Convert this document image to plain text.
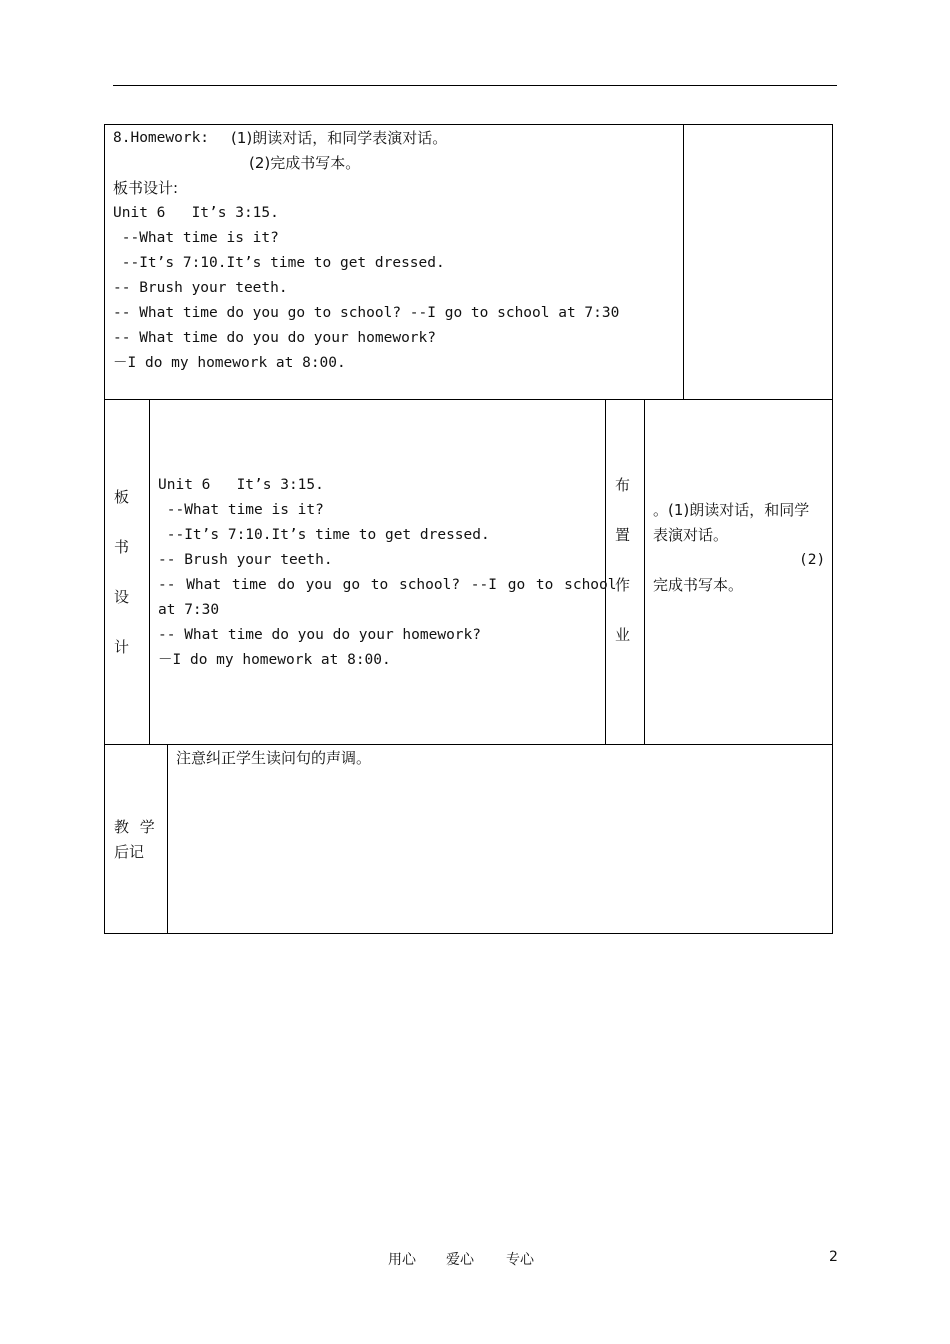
8.Homework: (1)朗读对话，和同学表演对话。
(2)完成书写本。
板书设计:
Unit 6   It’s 3:15.
--What time is it?
--It’s 7:10.It’s time to get dressed.
-- Brush your teeth.
-- What time do you go to school? --I go to school at 7:30
-- What time do you do your homework?
－I do my homework at 8:00.
板
书
设
计
Unit 6   It’s 3:15.
--What time is it?
--It’s 7:10.It’s time to get dressed.
-- Brush your teeth.
-- What time do you go to school? --I go to school
at 7:30
-- What time do you do your homework?
－I do my homework at 8:00.
布
置
作
业
。(1)朗读对话，和同学
表演对话。
(2)
完成书写本。
教 学
后记
注意纠正学生读问句的声调。
用心 爱心 专心	2
